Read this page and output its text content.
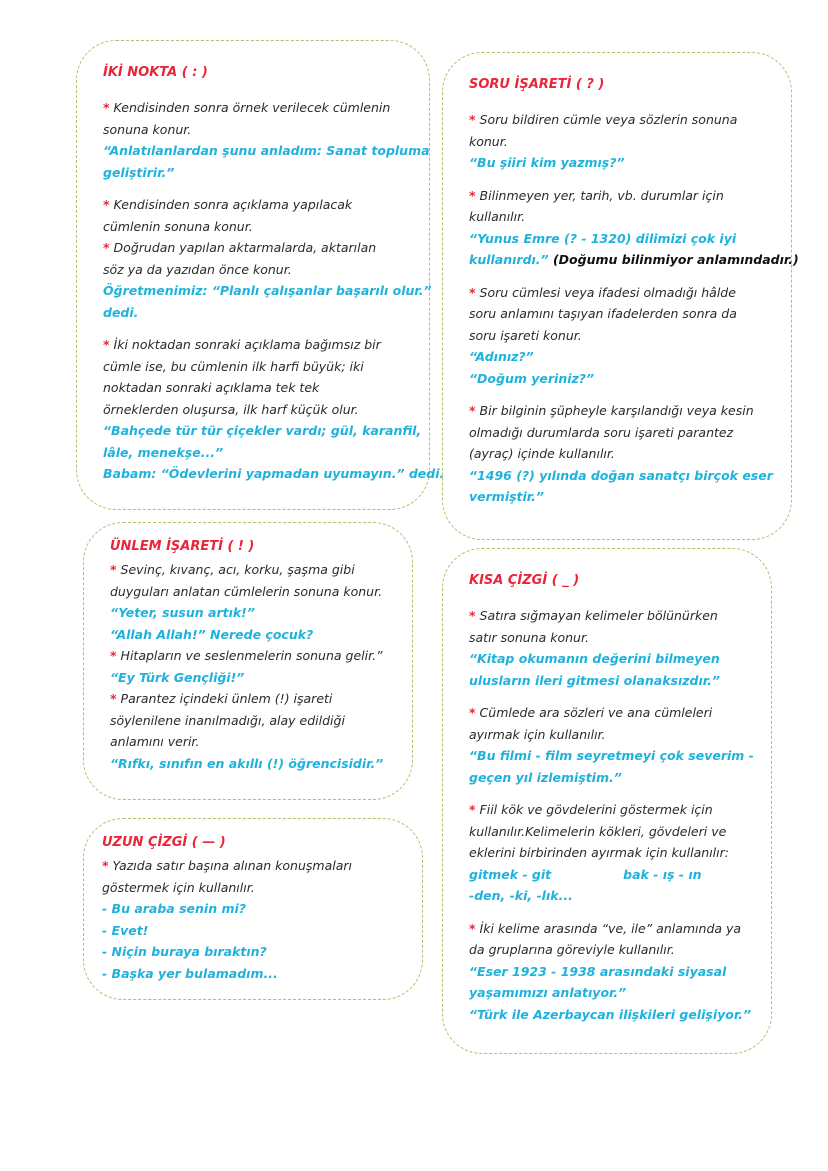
İKİ NOKTA ( : )
* Kendisinden sonra örnek verilecek cümlenin
sonuna konur.
“Anlatılanlardan şunu anladım: Sanat topluma
geliştirir.”
* Kendisinden sonra açıklama yapılacak
cümlenin sonuna konur.
* Doğrudan yapılan aktarmalarda, aktarılan
söz ya da yazıdan önce konur.
Öğretmenimiz: “Planlı çalışanlar başarılı olur.”
dedi.
* İki noktadan sonraki açıklama bağımsız bir
cümle ise, bu cümlenin ilk harfi büyük; iki
noktadan sonraki açıklama tek tek
örneklerden oluşursa, ilk harf küçük olur.
“Bahçede tür tür çiçekler vardı; gül, karanfil,
lâle, menekşe...”
Babam: “Ödevlerini yapmadan uyumayın.” dedi.
ÜNLEM İŞARETİ ( ! )
* Sevinç, kıvanç, acı, korku, şaşma gibi
duyguları anlatan cümlelerin sonuna konur.
“Yeter, susun artık!”
“Allah Allah!” Nerede çocuk?
* Hitapların ve seslenmelerin sonuna gelir.”
“Ey Türk Gençliği!”
* Parantez içindeki ünlem (!) işareti
söylenilene inanılmadığı, alay edildiği
anlamını verir.
“Rıfkı, sınıfın en akıllı (!) öğrencisidir.”
UZUN ÇİZGİ ( — )
* Yazıda satır başına alınan konuşmaları
göstermek için kullanılır.
- Bu araba senin mi?
- Evet!
- Niçin buraya bıraktın?
- Başka yer bulamadım...
SORU İŞARETİ ( ? )
* Soru bildiren cümle veya sözlerin sonuna
konur.
“Bu şiiri kim yazmış?”
* Bilinmeyen yer, tarih, vb. durumlar için
kullanılır.
“Yunus Emre (? - 1320) dilimizi çok iyi
kullanırdı.” (Doğumu bilinmiyor anlamındadır.)
* Soru cümlesi veya ifadesi olmadığı hâlde
soru anlamını taşıyan ifadelerden sonra da
soru işareti konur.
“Adınız?”
“Doğum yeriniz?”
* Bir bilginin şüpheyle karşılandığı veya kesin
olmadığı durumlarda soru işareti parantez
(ayraç) içinde kullanılır.
“1496 (?) yılında doğan sanatçı birçok eser
vermiştir.”
KISA ÇİZGİ ( _ )
* Satıra sığmayan kelimeler bölünürken
satır sonuna konur.
“Kitap okumanın değerini bilmeyen
ulusların ileri gitmesi olanaksızdır.”
* Cümlede ara sözleri ve ana cümleleri
ayırmak için kullanılır.
“Bu filmi - film seyretmeyi çok severim -
geçen yıl izlemiştim.”
* Fiil kök ve gövdelerini göstermek için
kullanılır.Kelimelerin kökleri, gövdeleri ve
eklerini birbirinden ayırmak için kullanılır:
gitmek - git	bak - ış - ın
-den, -ki, -lık...
* İki kelime arasında “ve, ile” anlamında ya
da gruplarına göreviyle kullanılır.
“Eser 1923 - 1938 arasındaki siyasal
yaşamımızı anlatıyor.”
“Türk ile Azerbaycan ilişkileri gelişiyor.”
